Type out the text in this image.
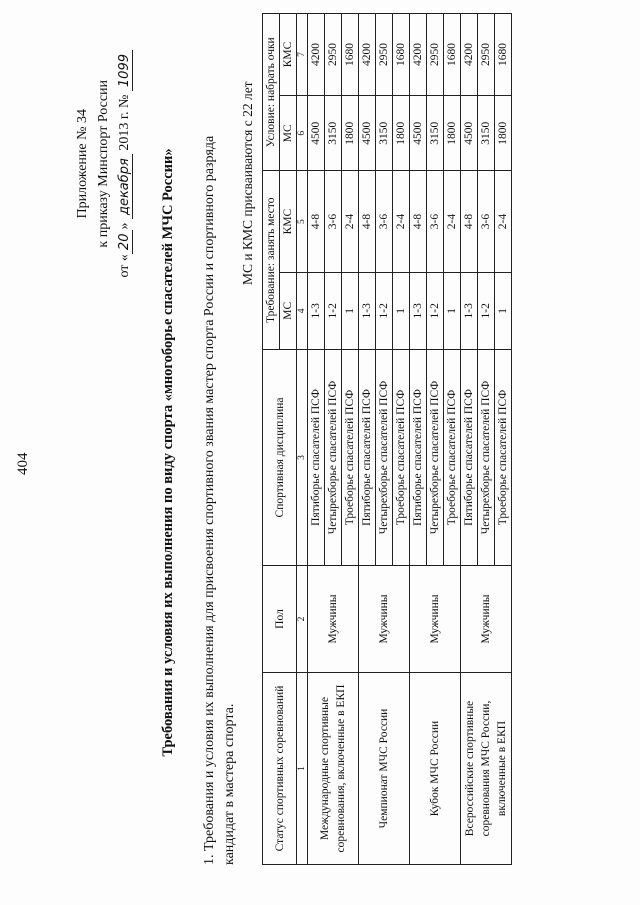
404
Приложение № 34 к приказу Минспорт России
от «20» декабря 2013 г. № 1099
Требования и условия их выполнения по виду спорта «многоборье спасателей МЧС России» 1. Требования и условия их выполнения для присвоения спортивного звания мастер спорта России и спортивного разряда кандидат в мастера спорта.
МС и КМС присваиваются с 22 лет
Статус спортивных соревнований	Пол	Спортивная дисциплина	Требование: занять место		Условие: набрать очки	
			МС	КМС	МС	КМС
1	2	3	4	5	6	7
Международные спортивные соревнования, включенные в ЕКП	Мужчины	Пятиборье спасателей ПСФ	1-3	4-8	4500	4200
		Четырехборье спасателей ПСФ	1-2	3-6	3150	2950
		Троеборье спасателей ПСФ	1	2-4	1800	1680
Чемпионат МЧС России	Мужчины	Пятиборье спасателей ПСФ	1-3	4-8	4500	4200
		Четырехборье спасателей ПСФ	1-2	3-6	3150	2950
		Троеборье спасателей ПСФ	1	2-4	1800	1680
Кубок МЧС России	Мужчины	Пятиборье спасателей ПСФ	1-3	4-8	4500	4200
		Четырехборье спасателей ПСФ	1-2	3-6	3150	2950
		Троеборье спасателей ПСФ	1	2-4	1800	1680
Всероссийские спортивные соревнования МЧС России, включенные в ЕКП	Мужчины	Пятиборье спасателей ПСФ	1-3	4-8	4500	4200
		Четырехборье спасателей ПСФ	1-2	3-6	3150	2950
		Троеборье спасателей ПСФ	1	2-4	1800	1680
